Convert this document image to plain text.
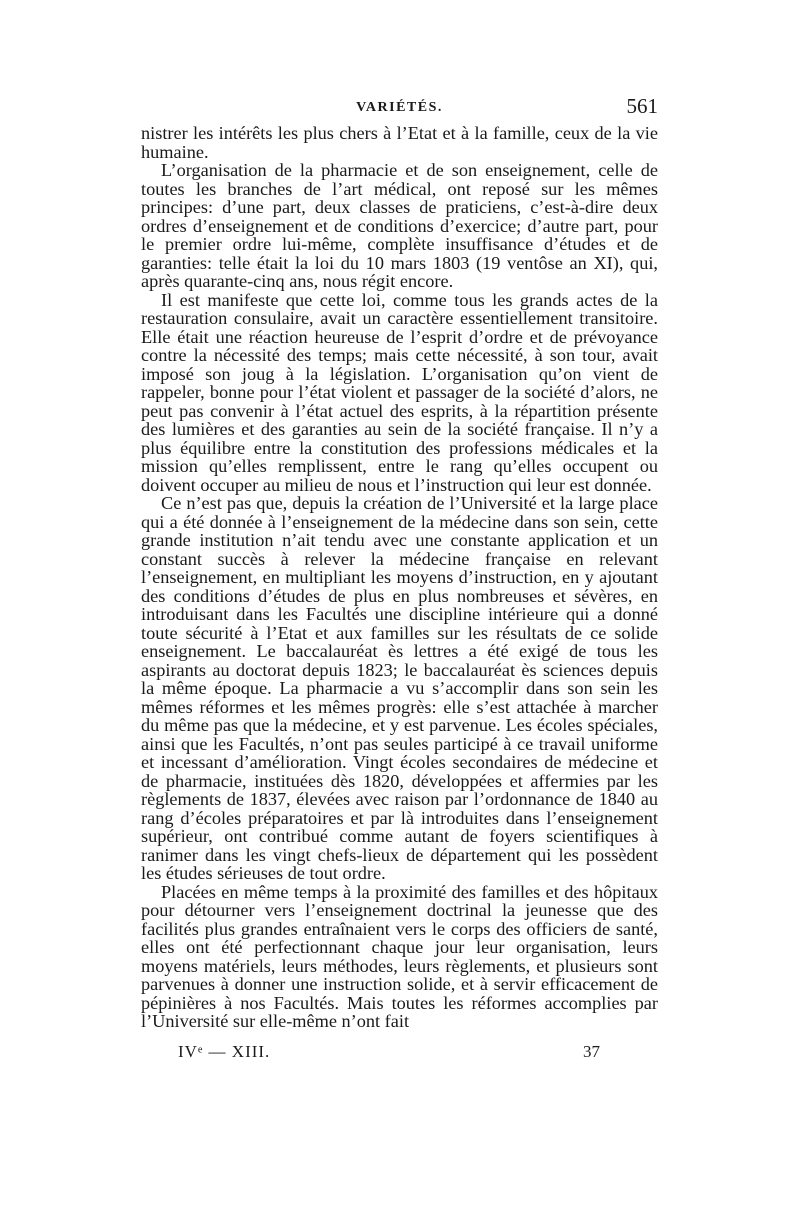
VARIÉTÉS.	561

nistrer les intérêts les plus chers à l’Etat et à la famille, ceux de la vie humaine.

L’organisation de la pharmacie et de son enseignement, celle de toutes les branches de l’art médical, ont reposé sur les mêmes principes: d’une part, deux classes de praticiens, c’est-à-dire deux ordres d’enseignement et de conditions d’exercice; d’autre part, pour le premier ordre lui-même, complète insuffisance d’études et de garanties: telle était la loi du 10 mars 1803 (19 ventôse an XI), qui, après quarante-cinq ans, nous régit encore.

Il est manifeste que cette loi, comme tous les grands actes de la restauration consulaire, avait un caractère essentiellement transitoire. Elle était une réaction heureuse de l’esprit d’ordre et de prévoyance contre la nécessité des temps; mais cette nécessité, à son tour, avait imposé son joug à la législation. L’organisation qu’on vient de rappeler, bonne pour l’état violent et passager de la société d’alors, ne peut pas convenir à l’état actuel des esprits, à la répartition présente des lumières et des garanties au sein de la société française. Il n’y a plus équilibre entre la constitution des professions médicales et la mission qu’elles remplissent, entre le rang qu’elles occupent ou doivent occuper au milieu de nous et l’instruction qui leur est donnée.

Ce n’est pas que, depuis la création de l’Université et la large place qui a été donnée à l’enseignement de la médecine dans son sein, cette grande institution n’ait tendu avec une constante application et un constant succès à relever la médecine française en relevant l’enseignement, en multipliant les moyens d’instruction, en y ajoutant des conditions d’études de plus en plus nombreuses et sévères, en introduisant dans les Facultés une discipline intérieure qui a donné toute sécurité à l’Etat et aux familles sur les résultats de ce solide enseignement. Le baccalauréat ès lettres a été exigé de tous les aspirants au doctorat depuis 1823; le baccalauréat ès sciences depuis la même époque. La pharmacie a vu s’accomplir dans son sein les mêmes réformes et les mêmes progrès: elle s’est attachée à marcher du même pas que la médecine, et y est parvenue. Les écoles spéciales, ainsi que les Facultés, n’ont pas seules participé à ce travail uniforme et incessant d’amélioration. Vingt écoles secondaires de médecine et de pharmacie, instituées dès 1820, développées et affermies par les règlements de 1837, élevées avec raison par l’ordonnance de 1840 au rang d’écoles préparatoires et par là introduites dans l’enseignement supérieur, ont contribué comme autant de foyers scientifiques à ranimer dans les vingt chefs-lieux de département qui les possèdent les études sérieuses de tout ordre.

Placées en même temps à la proximité des familles et des hôpitaux pour détourner vers l’enseignement doctrinal la jeunesse que des facilités plus grandes entraînaient vers le corps des officiers de santé, elles ont été perfectionnant chaque jour leur organisation, leurs moyens matériels, leurs méthodes, leurs règlements, et plusieurs sont parvenues à donner une instruction solide, et à servir efficacement de pépinières à nos Facultés. Mais toutes les réformes accomplies par l’Université sur elle-même n’ont fait

IVᵉ — XIII.	37
